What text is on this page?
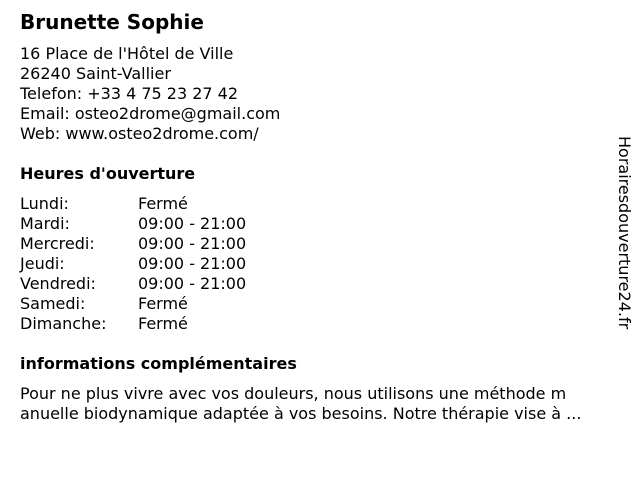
Brunette Sophie
16 Place de l'Hôtel de Ville
26240 Saint-Vallier
Telefon: +33 4 75 23 27 42
Email: osteo2drome@gmail.com
Web: www.osteo2drome.com/
Heures d'ouverture
Lundi:	Fermé
Mardi:	09:00 - 21:00
Mercredi:	09:00 - 21:00
Jeudi:	09:00 - 21:00
Vendredi:	09:00 - 21:00
Samedi:	Fermé
Dimanche: Fermé
informations complémentaires
Pour ne plus vivre avec vos douleurs, nous utilisons une méthode m
anuelle biodynamique adaptée à vos besoins. Notre thérapie vise à ...
Horairesdouverture24.fr
